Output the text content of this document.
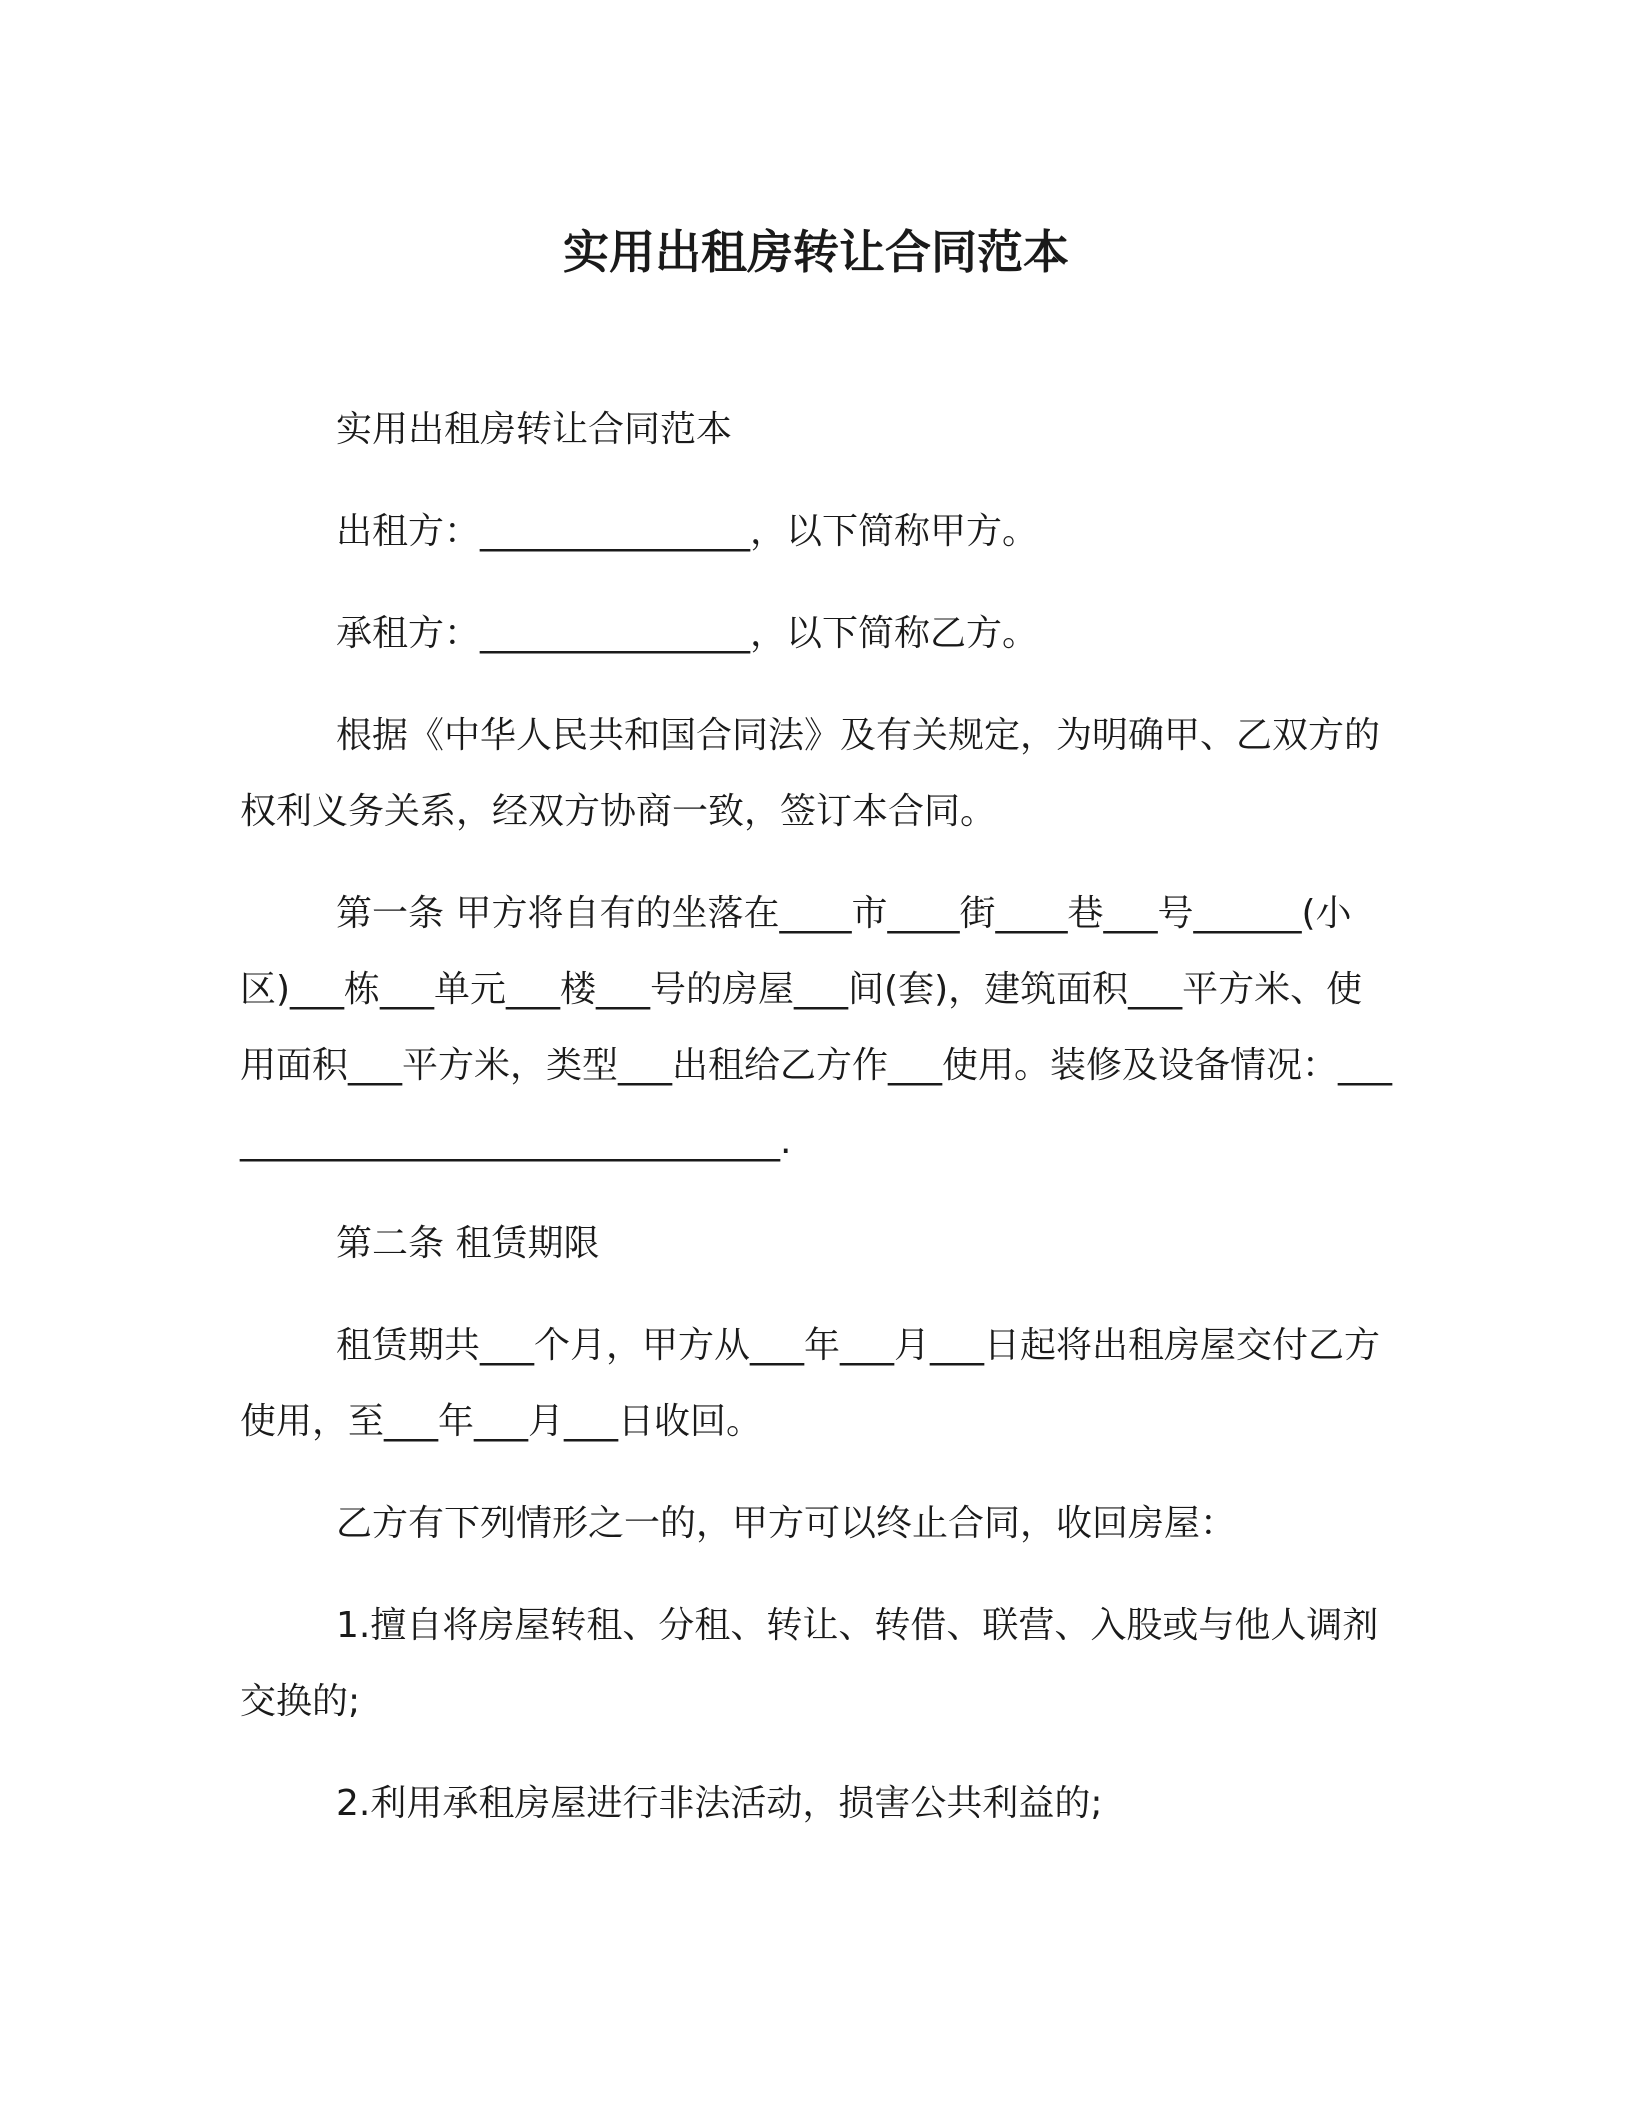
实用出租房转让合同范本

实用出租房转让合同范本

出租方：_______________，以下简称甲方。

承租方：_______________，以下简称乙方。

根据《中华人民共和国合同法》及有关规定，为明确甲、乙双方的权利义务关系，经双方协商一致，签订本合同。

第一条 甲方将自有的坐落在____市____街____巷___号______(小区)___栋___单元___楼___号的房屋___间(套)，建筑面积___平方米、使用面积___平方米，类型___出租给乙方作___使用。装修及设备情况：_________________________________.

第二条 租赁期限

租赁期共___个月，甲方从___年___月___日起将出租房屋交付乙方使用，至___年___月___日收回。

乙方有下列情形之一的，甲方可以终止合同，收回房屋：

1.擅自将房屋转租、分租、转让、转借、联营、入股或与他人调剂交换的;

2.利用承租房屋进行非法活动，损害公共利益的;
